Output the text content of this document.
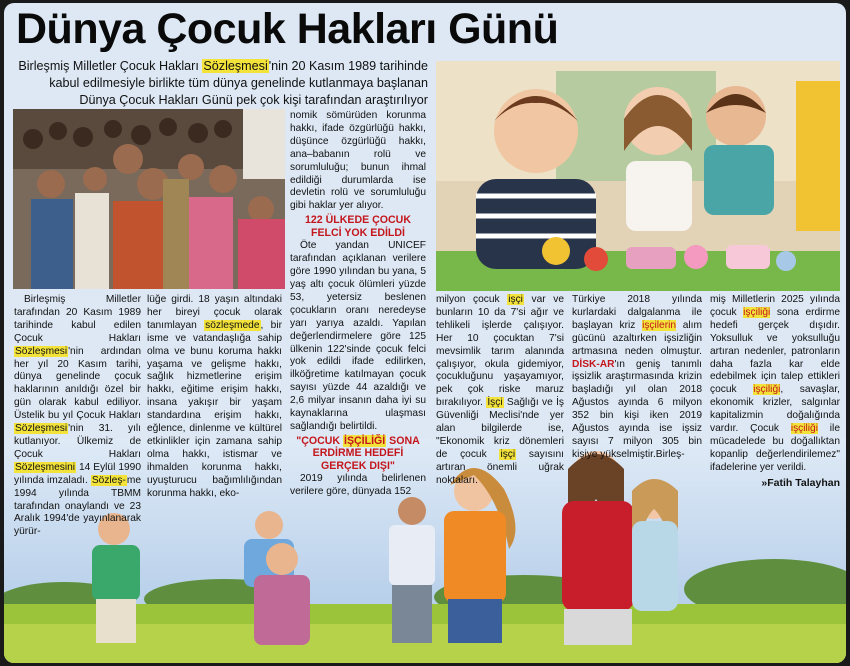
Dünya Çocuk Hakları Günü
Birleşmiş Milletler Çocuk Hakları Sözleşmesi'nin 20 Kasım 1989 tarihinde kabul edilmesiyle birlikte tüm dünya genelinde kutlanmaya başlanan Dünya Çocuk Hakları Günü pek çok kişi tarafından araştırılıyor

Birleşmiş Milletler tarafından 20 Kasım 1989 tarihinde kabul edilen Çocuk Hakları Sözleşmesi'nin ardından her yıl 20 Kasım tarihi, dünya genelinde çocuk haklarının anıldığı özel bir gün olarak kabul ediliyor. Üstelik bu yıl Çocuk Hakları Sözleşmesi'nin 31. yılı kutlanıyor. Ülkemiz de Çocuk Hakları Sözleşmesini 14 Eylül 1990 yılında imzaladı. Sözleş-me 1994 yılında TBMM tarafından onaylandı ve 23 Aralık 1994'de yayınlanarak yürür-

lüğe girdi. 18 yaşın altındaki her bireyi çocuk olarak tanımlayan sözleşmede, bir isme ve vatandaşlığa sahip olma ve bunu koruma hakkı yaşama ve gelişme hakkı, sağlık hizmetlerine erişim hakkı, eğitime erişim hakkı, insana yakışır bir yaşam standardına erişim hakkı, eğlence, dinlenme ve kültürel etkinlikler için zamana sahip olma hakkı, istismar ve ihmalden korunma hakkı, uyuşturucu bağımlılığından korunma hakkı, eko-

nomik sömürüden korunma hakkı, ifade özgürlüğü hakkı, düşünce özgürlüğü hakkı, ana–babanın rolü ve sorumluluğu; bunun ihmal edildiği durumlarda ise devletin rolü ve sorumluluğu gibi haklar yer alıyor.

122 ÜLKEDE ÇOCUK FELCİ YOK EDİLDİ

Öte yandan UNICEF tarafından açıklanan verilere göre 1990 yılından bu yana, 5 yaş altı çocuk ölümleri yüzde 53, yetersiz beslenen çocukların oranı neredeyse yarı yarıya azaldı. Yapılan değerlendirmelere göre 125 ülkenin 122'sinde çocuk felci yok edildi ifade edilirken, ilköğretime katılmayan çocuk sayısı yüzde 44 azaldığı ve 2,6 milyar insanın daha iyi su kaynaklarına ulaşması sağlandığı belirtildi.

"ÇOCUK İŞÇİLİĞİ SONA ERDİRME HEDEFİ GERÇEK DIŞI"

2019 yılında belirlenen verilere göre, dünyada 152

milyon çocuk işçi var ve bunların 10 da 7'si ağır ve tehlikeli işlerde çalışıyor. Her 10 çocuktan 7'si mevsimlik tarım alanında çalışıyor, okula gidemiyor, çocukluğunu yaşayamıyor, pek çok riske maruz bırakılıyor. İşçi Sağlığı ve İş Güvenliği Meclisi'nde yer alan bilgilerde ise, "Ekonomik kriz dönemleri de çocuk işçi sayısını artıran önemli uğrak noktaları.

Türkiye 2018 yılında kurlardaki dalgalanma ile başlayan kriz işçilerin alım gücünü azaltırken işsizliğin artmasına neden olmuştur. DİSK-AR'ın geniş tanımlı işsizlik araştırmasında krizin başladığı yıl olan 2018 Ağustos ayında 6 milyon 352 bin kişi iken 2019 Ağustos ayında ise işsiz sayısı 7 milyon 305 bin kişiye yükselmiştir.Birleş-

miş Milletlerin 2025 yılında çocuk işçiliği sona erdirme hedefi gerçek dışıdır. Yoksulluk ve yoksulluğu artıran nedenler, patronların daha fazla kar elde edebilmek için talep ettikleri çocuk işçiliği, savaşlar, ekonomik krizler, salgınlar kapitalizmin doğalığında vardır. Çocuk işçiliği ile mücadelede bu doğallıktan kopanlip değerlendirilemez" ifadelerine yer verildi.

»Fatih Talayhan
